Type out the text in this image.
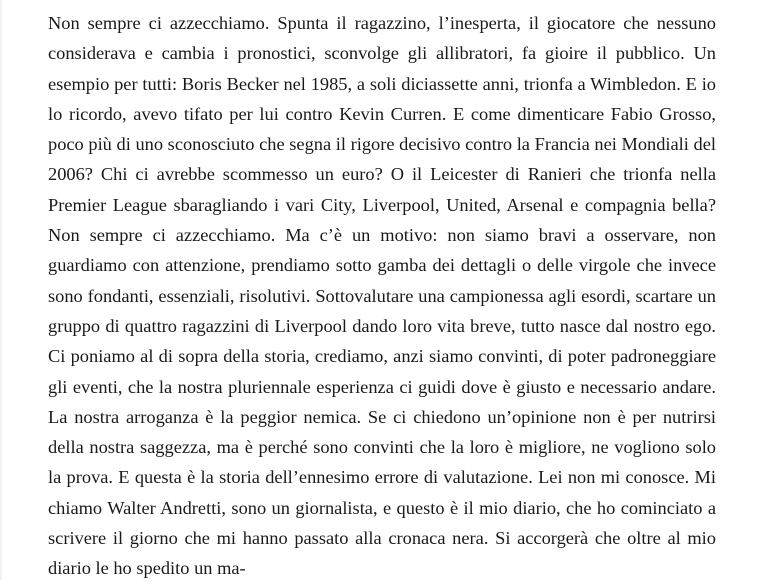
Non sempre ci azzecchiamo. Spunta il ragazzino, l’inesperta, il giocatore che nessuno considerava e cambia i pronostici, sconvolge gli allibratori, fa gioire il pubblico. Un esempio per tutti: Boris Becker nel 1985, a soli diciassette anni, trionfa a Wimbledon. E io lo ricordo, avevo tifato per lui contro Kevin Curren. E come dimenticare Fabio Grosso, poco più di uno sconosciuto che segna il rigore decisivo contro la Francia nei Mondiali del 2006? Chi ci avrebbe scommesso un euro? O il Leicester di Ranieri che trionfa nella Premier League sbaragliando i vari City, Liverpool, United, Arsenal e compagnia bella? Non sempre ci azzecchiamo. Ma c’è un motivo: non siamo bravi a osservare, non guardiamo con attenzione, prendiamo sotto gamba dei dettagli o delle virgole che invece sono fondanti, essenziali, risolutivi. Sottovalutare una campionessa agli esordi, scartare un gruppo di quattro ragazzini di Liverpool dando loro vita breve, tutto nasce dal nostro ego. Ci poniamo al di sopra della storia, crediamo, anzi siamo convinti, di poter padroneggiare gli eventi, che la nostra pluriennale esperienza ci guidi dove è giusto e necessario andare. La nostra arroganza è la peggior nemica. Se ci chiedono un’opinione non è per nutrirsi della nostra saggezza, ma è perché sono convinti che la loro è migliore, ne vogliono solo la prova. E questa è la storia dell’ennesimo errore di valutazione. Lei non mi conosce. Mi chiamo Walter Andretti, sono un giornalista, e questo è il mio diario, che ho cominciato a scrivere il giorno che mi hanno passato alla cronaca nera. Si accorgerà che oltre al mio diario le ho spedito un ma-
